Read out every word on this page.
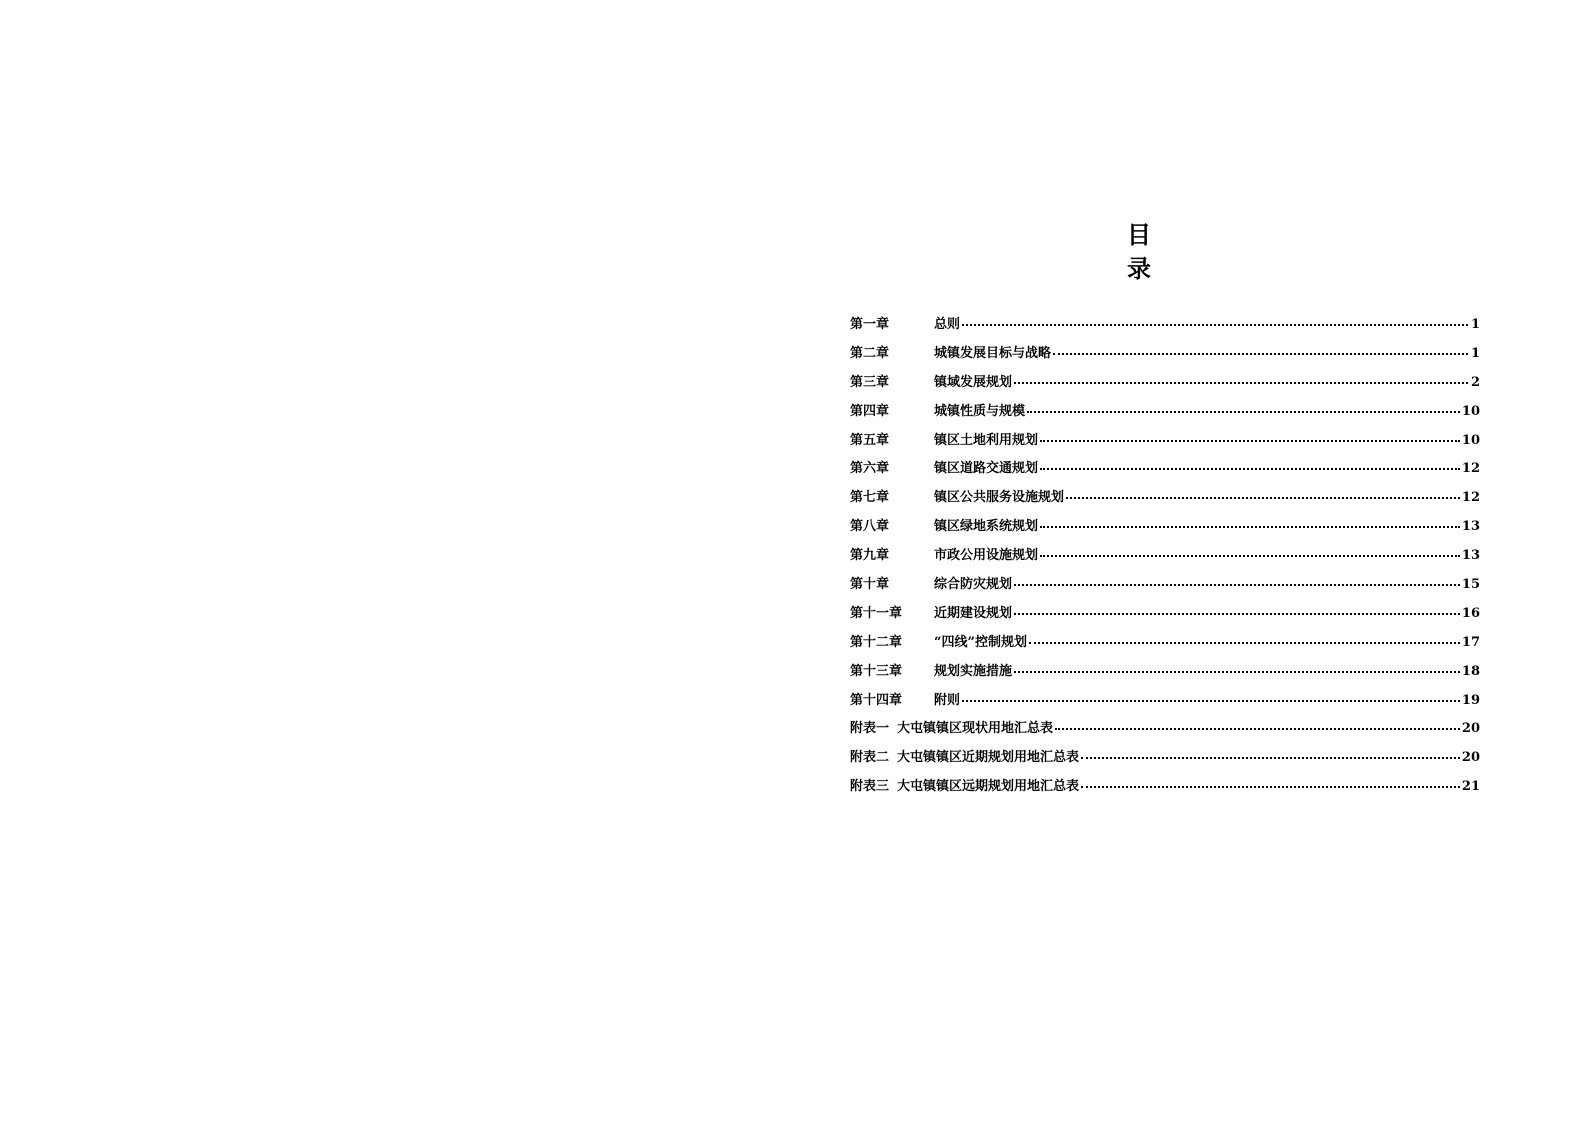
目　录
第一章	总则	1
第二章	城镇发展目标与战略	1
第三章	镇域发展规划	2
第四章	城镇性质与规模	10
第五章	镇区土地利用规划	10
第六章	镇区道路交通规划	12
第七章	镇区公共服务设施规划	12
第八章	镇区绿地系统规划	13
第九章	市政公用设施规划	13
第十章	综合防灾规划	15
第十一章	近期建设规划	16
第十二章	“四线”控制规划	17
第十三章	规划实施措施	18
第十四章	附则	19
附表一 大屯镇镇区现状用地汇总表	20
附表二 大屯镇镇区近期规划用地汇总表	20
附表三 大屯镇镇区远期规划用地汇总表	21
